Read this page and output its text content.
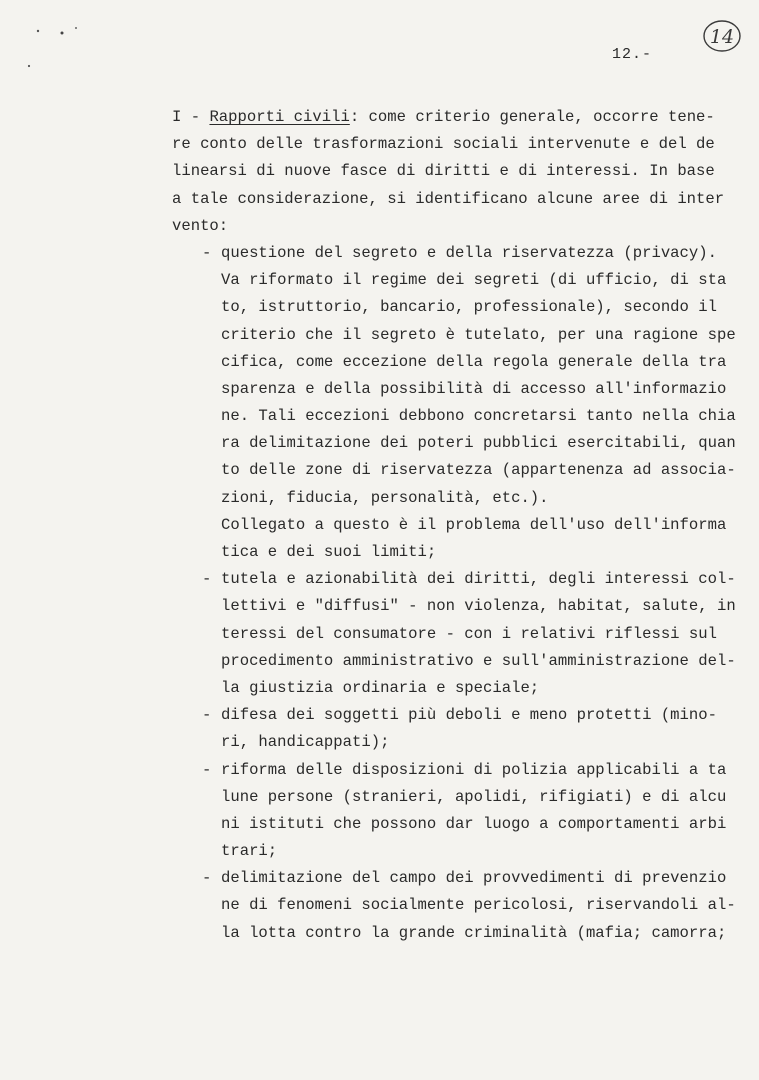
14
12.-
I - Rapporti civili: come criterio generale, occorre tene-
re conto delle trasformazioni sociali intervenute e del de
linearsi di nuove fasce di diritti e di interessi. In base
a tale considerazione, si identificano alcune aree di inter
vento:
- questione del segreto e della riservatezza (privacy).
Va riformato il regime dei segreti (di ufficio, di sta
to, istruttorio, bancario, professionale), secondo il
criterio che il segreto è tutelato, per una ragione spe
cifica, come eccezione della regola generale della tra
sparenza e della possibilità di accesso all'informazio
ne. Tali eccezioni debbono concretarsi tanto nella chia
ra delimitazione dei poteri pubblici esercitabili, quan
to delle zone di riservatezza (appartenenza ad associa-
zioni, fiducia, personalità, etc.).
Collegato a questo è il problema dell'uso dell'informa
tica e dei suoi limiti;
- tutela e azionabilità dei diritti, degli interessi col-
lettivi e "diffusi" - non violenza, habitat, salute, in
teressi del consumatore - con i relativi riflessi sul
procedimento amministrativo e sull'amministrazione del-
la giustizia ordinaria e speciale;
- difesa dei soggetti più deboli e meno protetti (mino-
ri, handicappati);
- riforma delle disposizioni di polizia applicabili a ta
lune persone (stranieri, apolidi, rifigiati) e di alcu
ni istituti che possono dar luogo a comportamenti arbi
trari;
- delimitazione del campo dei provvedimenti di prevenzio
ne di fenomeni socialmente pericolosi, riservandoli al-
la lotta contro la grande criminalità (mafia; camorra;
